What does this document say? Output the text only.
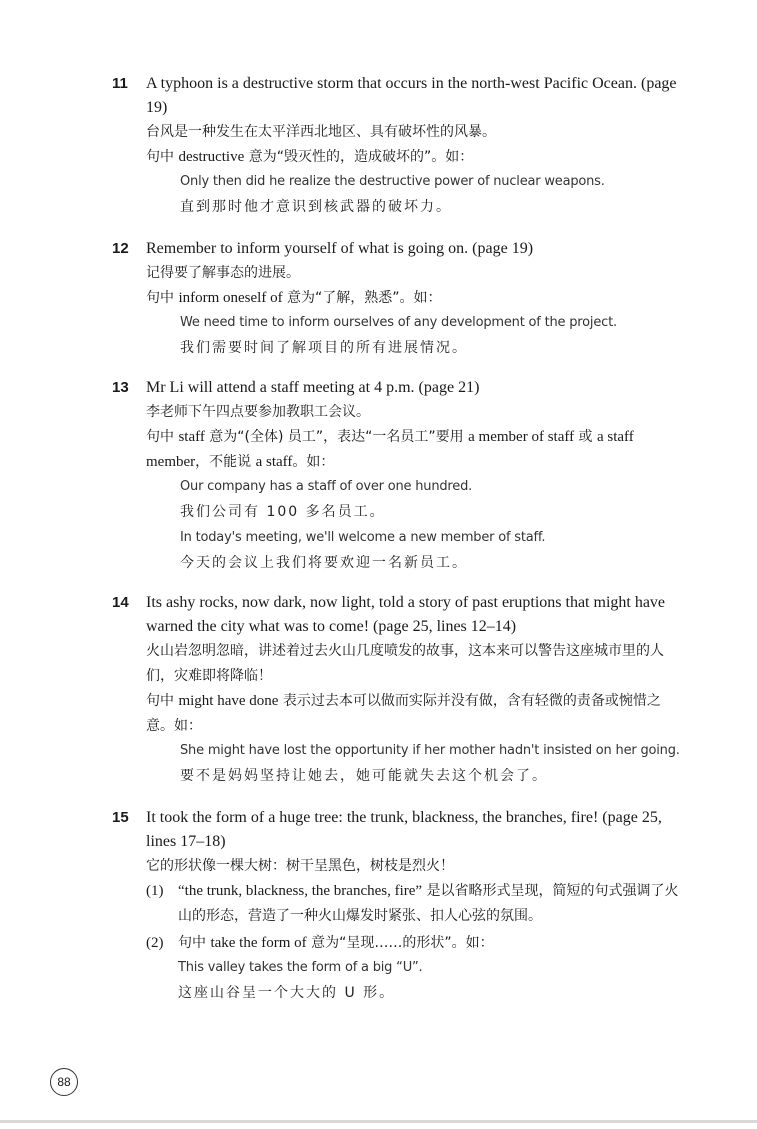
11 A typhoon is a destructive storm that occurs in the north-west Pacific Ocean. (page 19)
台风是一种发生在太平洋西北地区、具有破坏性的风暴。
句中 destructive 意为“毁灭性的，造成破坏的”。如：
Only then did he realize the destructive power of nuclear weapons.
直到那时他才意识到核武器的破坏力。
12 Remember to inform yourself of what is going on. (page 19)
记得要了解事态的进展。
句中 inform oneself of 意为“了解，熟悉”。如：
We need time to inform ourselves of any development of the project.
我们需要时间了解项目的所有进展情况。
13 Mr Li will attend a staff meeting at 4 p.m. (page 21)
李老师下午四点要参加教职工会议。
句中 staff 意为“(全体) 员工”，表达“一名员工”要用 a member of staff 或 a staff
member，不能说 a staff。如：
Our company has a staff of over one hundred.
我们公司有 100 多名员工。
In today's meeting, we'll welcome a new member of staff.
今天的会议上我们将要欢迎一名新员工。
14 Its ashy rocks, now dark, now light, told a story of past eruptions that might have warned the city what was to come! (page 25, lines 12–14)
火山岩忽明忽暗，讲述着过去火山几度喷发的故事，这本来可以警告这座城市里的人们，灾难即将降临！
句中 might have done 表示过去本可以做而实际并没有做，含有轻微的责备或惋惜之意。如：
She might have lost the opportunity if her mother hadn't insisted on her going.
要不是妈妈坚持让她去，她可能就失去这个机会了。
15 It took the form of a huge tree: the trunk, blackness, the branches, fire! (page 25, lines 17–18)
它的形状像一棵大树：树干呈黑色，树枝是烈火！
(1) “the trunk, blackness, the branches, fire” 是以省略形式呈现，简短的句式强调了火山的形态，营造了一种火山爆发时紧张、扣人心弦的氛围。
(2) 句中 take the form of 意为“呈现……的形状”。如：
This valley takes the form of a big “U”.
这座山谷呈一个大大的 U 形。
88
